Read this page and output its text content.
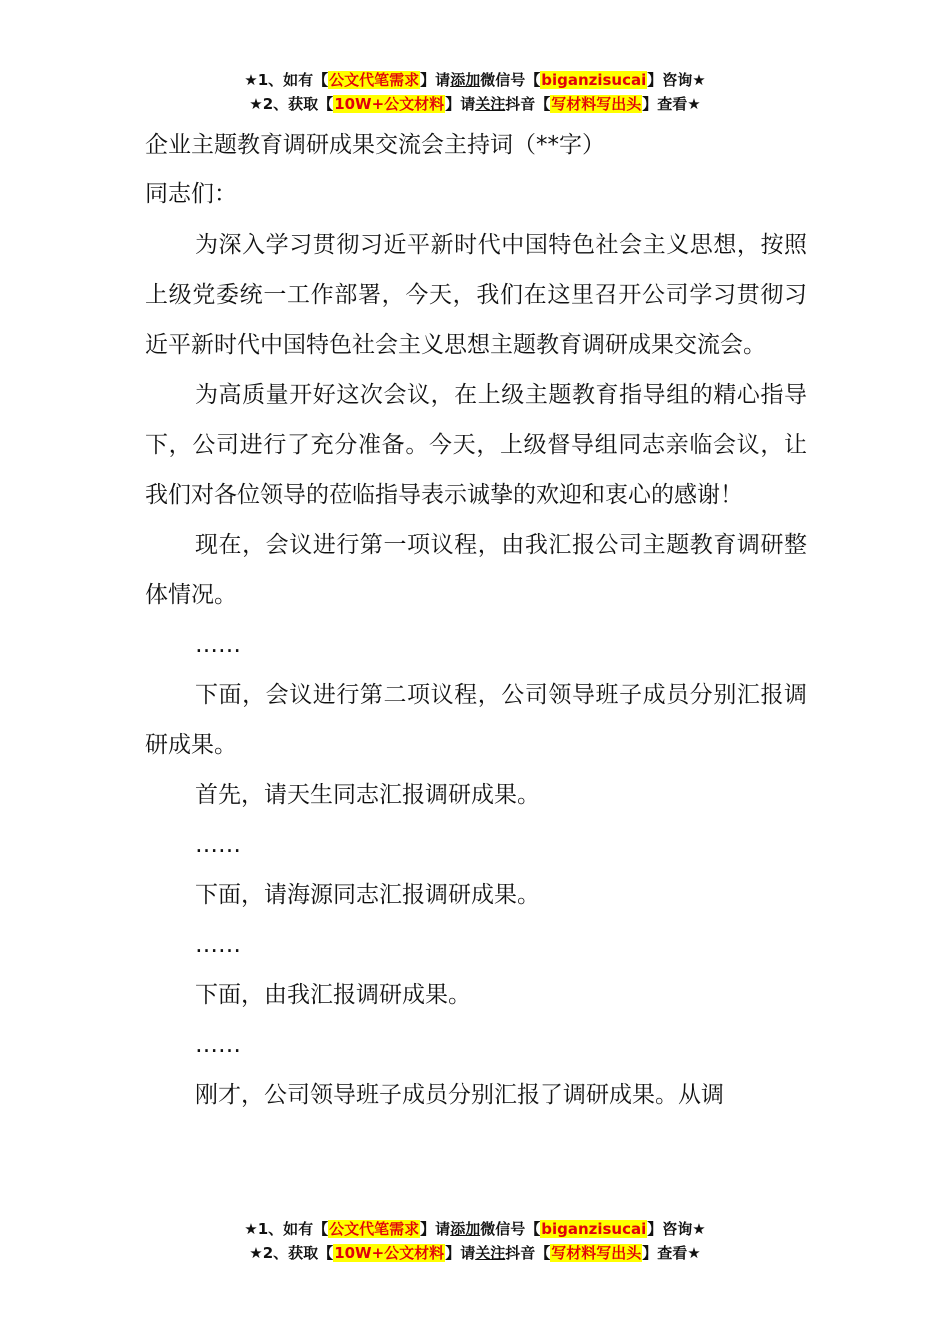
★1、如有【公文代笔需求】请添加微信号【biganzisucai】咨询★
★2、获取【10W+公文材料】请关注抖音【写材料写出头】查看★

企业主题教育调研成果交流会主持词（**字）

同志们：

为深入学习贯彻习近平新时代中国特色社会主义思想，按照上级党委统一工作部署，今天，我们在这里召开公司学习贯彻习近平新时代中国特色社会主义思想主题教育调研成果交流会。

为高质量开好这次会议，在上级主题教育指导组的精心指导下，公司进行了充分准备。今天，上级督导组同志亲临会议，让我们对各位领导的莅临指导表示诚挚的欢迎和衷心的感谢！

现在，会议进行第一项议程，由我汇报公司主题教育调研整体情况。

……

下面，会议进行第二项议程，公司领导班子成员分别汇报调研成果。

首先，请天生同志汇报调研成果。

……

下面，请海源同志汇报调研成果。

……

下面，由我汇报调研成果。

……

刚才，公司领导班子成员分别汇报了调研成果。从调

★1、如有【公文代笔需求】请添加微信号【biganzisucai】咨询★
★2、获取【10W+公文材料】请关注抖音【写材料写出头】查看★
